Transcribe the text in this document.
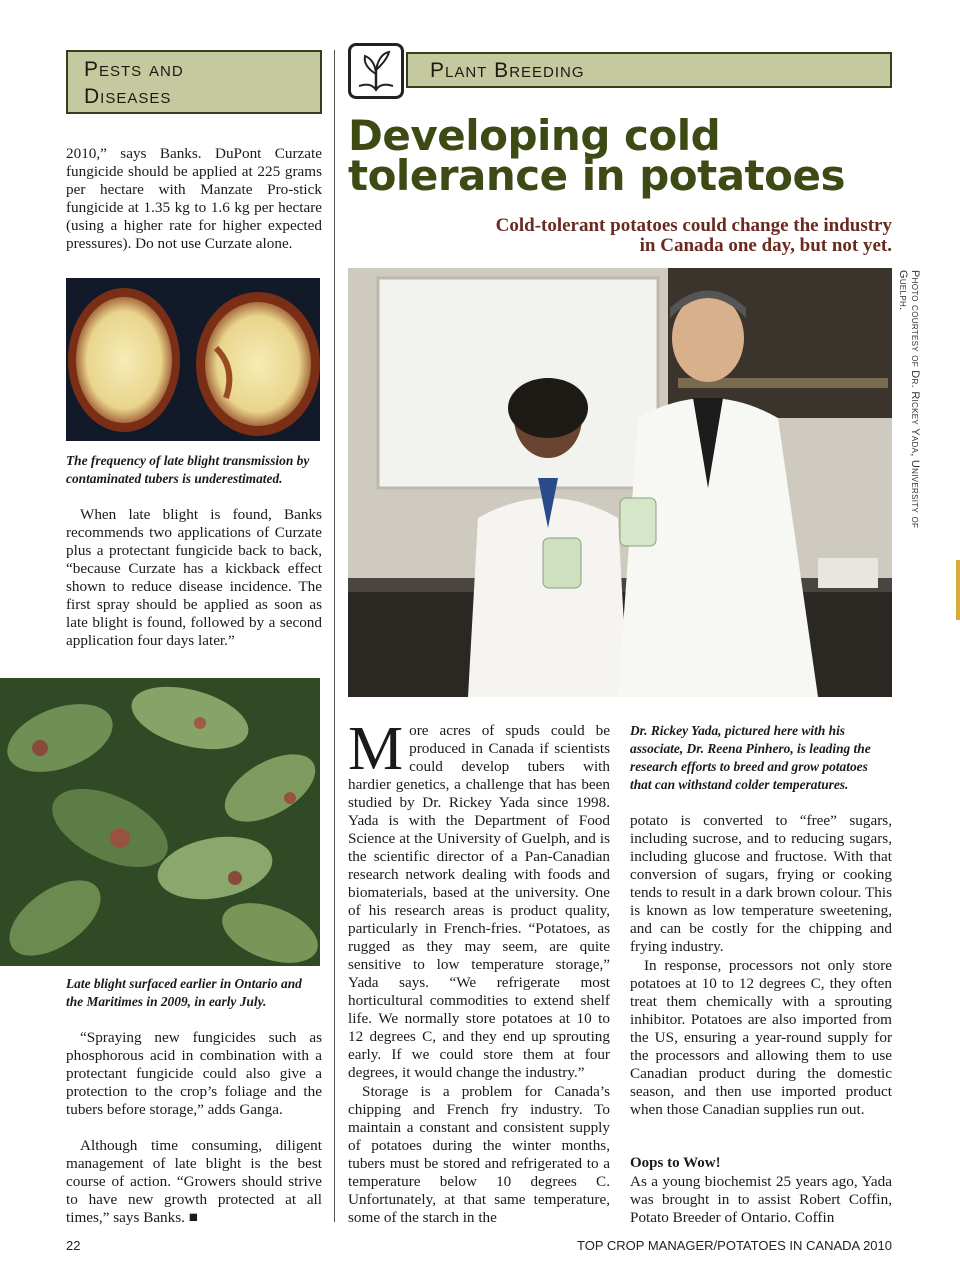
Pests and
Diseases

2010,” says Banks. DuPont Curzate fungicide should be applied at 225 grams per hectare with Manzate Pro-stick fungicide at 1.35 kg to 1.6 kg per hectare (using a higher rate for higher expected pressures). Do not use Curzate alone.

The frequency of late blight transmission by contaminated tubers is underestimated.

When late blight is found, Banks recommends two applications of Curzate plus a protectant fungicide back to back, “because Curzate has a kickback effect shown to reduce disease incidence. The first spray should be applied as soon as late blight is found, followed by a second application four days later.”

Late blight surfaced earlier in Ontario and the Maritimes in 2009, in early July.

“Spraying new fungicides such as phosphorous acid in combination with a protectant fungicide could also give a protection to the crop’s foliage and the tubers before storage,” adds Ganga.

Although time consuming, diligent management of late blight is the best course of action. “Growers should strive to have new growth protected at all times,” says Banks. ■

Plant Breeding
Developing cold
tolerance in potatoes
Cold-tolerant potatoes could change the industry
in Canada one day, but not yet.
Photo courtesy of Dr. Rickey Yada, University of Guelph.
More acres of spuds could be produced in Canada if scientists could develop tubers with hardier genetics, a challenge that has been studied by Dr. Rickey Yada since 1998. Yada is with the Department of Food Science at the University of Guelph, and is the scientific director of a Pan-Canadian research network dealing with foods and biomaterials, based at the university. One of his research areas is product quality, particularly in French-fries. “Potatoes, as rugged as they may seem, are quite sensitive to low temperature storage,” Yada says. “We refrigerate most horticultural commodities to extend shelf life. We normally store potatoes at 10 to 12 degrees C, and they end up sprouting early. If we could store them at four degrees, it would change the industry.”

Storage is a problem for Canada’s chipping and French fry industry. To maintain a constant and consistent supply of potatoes during the winter months, tubers must be stored and refrigerated to a temperature below 10 degrees C. Unfortunately, at that same temperature, some of the starch in the

Dr. Rickey Yada, pictured here with his associate, Dr. Reena Pinhero, is leading the research efforts to breed and grow potatoes that can withstand colder temperatures.

potato is converted to “free” sugars, including sucrose, and to reducing sugars, including glucose and fructose. With that conversion of sugars, frying or cooking tends to result in a dark brown colour. This is known as low temperature sweetening, and can be costly for the chipping and frying industry.

In response, processors not only store potatoes at 10 to 12 degrees C, they often treat them chemically with a sprouting inhibitor. Potatoes are also imported from the US, ensuring a year-round supply for the processors and allowing them to use Canadian product during the domestic season, and then use imported product when those Canadian supplies run out.

Oops to Wow!

As a young biochemist 25 years ago, Yada was brought in to assist Robert Coffin, Potato Breeder of Ontario. Coffin

22	TOP CROP MANAGER/POTATOES IN CANADA 2010
